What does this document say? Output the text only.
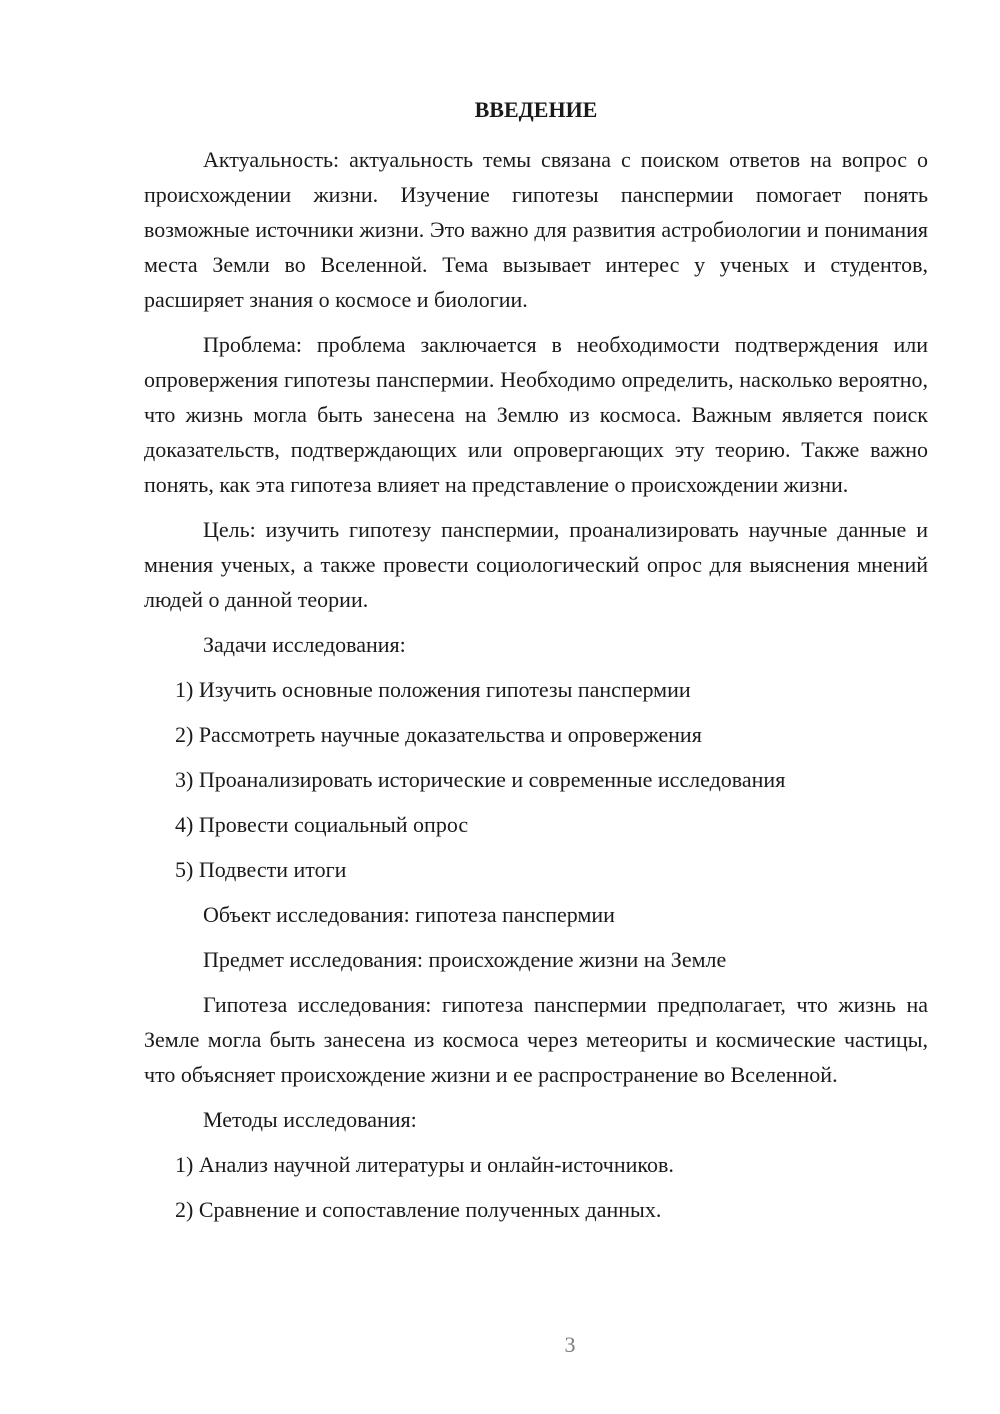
ВВЕДЕНИЕ

Актуальность: актуальность темы связана с поиском ответов на вопрос о происхождении жизни. Изучение гипотезы панспермии помогает понять возможные источники жизни. Это важно для развития астробиологии и понимания места Земли во Вселенной. Тема вызывает интерес у ученых и студентов, расширяет знания о космосе и биологии.

Проблема: проблема заключается в необходимости подтверждения или опровержения гипотезы панспермии. Необходимо определить, насколько вероятно, что жизнь могла быть занесена на Землю из космоса. Важным является поиск доказательств, подтверждающих или опровергающих эту теорию. Также важно понять, как эта гипотеза влияет на представление о происхождении жизни.

Цель: изучить гипотезу панспермии, проанализировать научные данные и мнения ученых, а также провести социологический опрос для выяснения мнений людей о данной теории.

Задачи исследования:
1) Изучить основные положения гипотезы панспермии
2) Рассмотреть научные доказательства и опровержения
3) Проанализировать исторические и современные исследования
4) Провести социальный опрос
5) Подвести итоги
Объект исследования: гипотеза панспермии
Предмет исследования: происхождение жизни на Земле

Гипотеза исследования: гипотеза панспермии предполагает, что жизнь на Земле могла быть занесена из космоса через метеориты и космические частицы, что объясняет происхождение жизни и ее распространение во Вселенной.

Методы исследования:
1) Анализ научной литературы и онлайн-источников.
2) Сравнение и сопоставление полученных данных.
3
